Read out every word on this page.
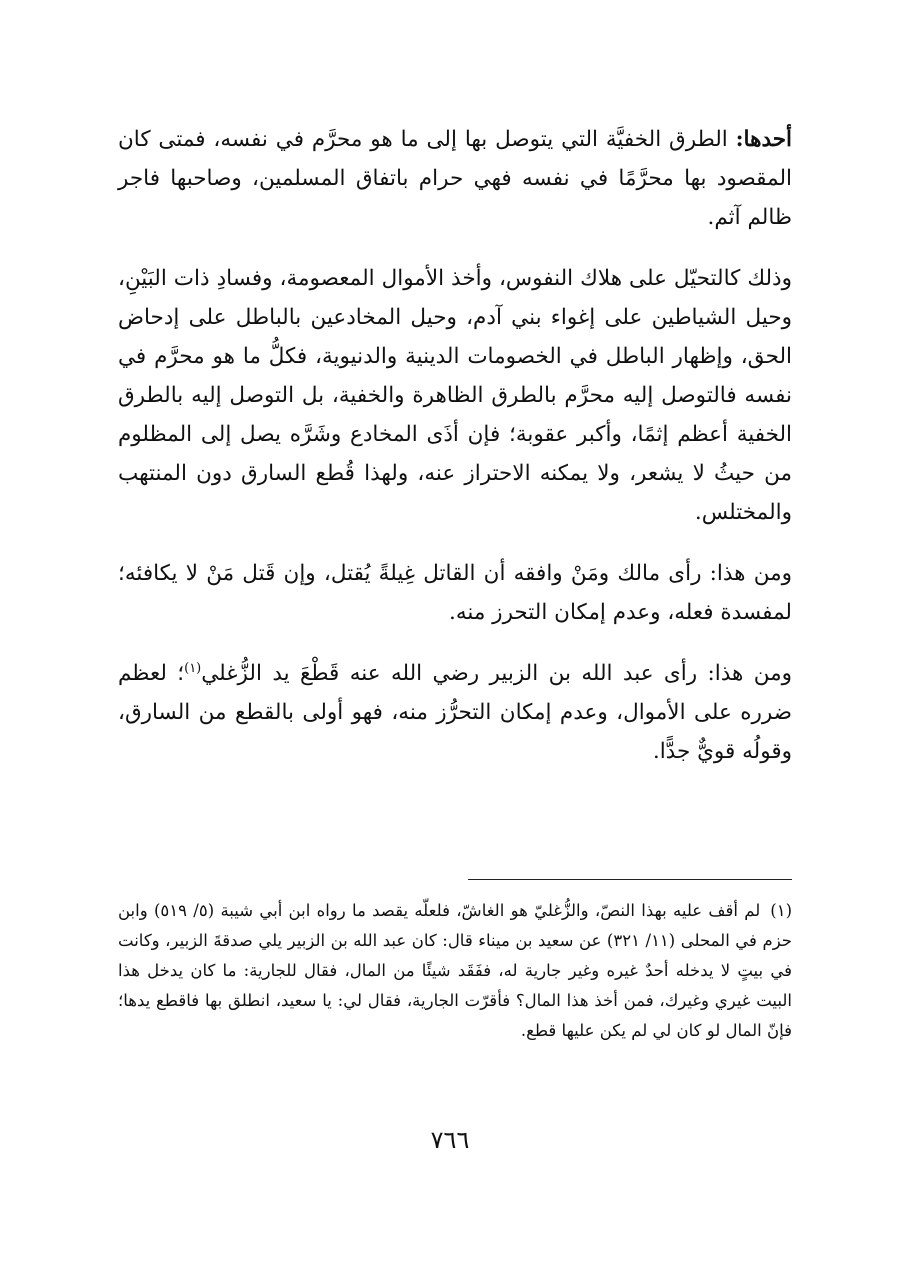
أحدها: الطرق الخفيَّة التي يتوصل بها إلى ما هو محرَّم في نفسه، فمتى كان المقصود بها محرَّمًا في نفسه فهي حرام باتفاق المسلمين، وصاحبها فاجر ظالم آثم.

وذلك كالتحيّل على هلاك النفوس، وأخذ الأموال المعصومة، وفسادِ ذات البَيْنِ، وحيل الشياطين على إغواء بني آدم، وحيل المخادعين بالباطل على إدحاض الحق، وإظهار الباطل في الخصومات الدينية والدنيوية، فكلُّ ما هو محرَّم في نفسه فالتوصل إليه محرَّم بالطرق الظاهرة والخفية، بل التوصل إليه بالطرق الخفية أعظم إثمًا، وأكبر عقوبة؛ فإن أذَى المخادع وشَرَّه يصل إلى المظلوم من حيثُ لا يشعر، ولا يمكنه الاحتراز عنه، ولهذا قُطع السارق دون المنتهب والمختلس.

ومن هذا: رأى مالك ومَنْ وافقه أن القاتل غِيلةً يُقتل، وإن قَتل مَنْ لا يكافئه؛ لمفسدة فعله، وعدم إمكان التحرز منه.

ومن هذا: رأى عبد الله بن الزبير رضي الله عنه قَطْعَ يد الزُّغلي$^{(١)}$؛ لعظم ضرره على الأموال، وعدم إمكان التحرُّز منه، فهو أولى بالقطع من السارق، وقولُه قويٌّ جدًّا.

(١)لم أقف عليه بهذا النصّ، والزُّغليّ هو الغاشّ، فلعلّه يقصد ما رواه ابن أبي شيبة (٥/ ٥١٩) وابن حزم في المحلى (١١/ ٣٢١) عن سعيد بن ميناء قال: كان عبد الله بن الزبير يلي صدقةَ الزبير، وكانت في بيتٍ لا يدخله أحدٌ غيره وغير جارية له، ففَقَد شيئًا من المال، فقال للجارية: ما كان يدخل هذا البيت غيري وغيرك، فمن أخذ هذا المال؟ فأقرّت الجارية، فقال لي: يا سعيد، انطلق بها فاقطع يدها؛ فإنّ المال لو كان لي لم يكن عليها قطع.
٧٦٦
